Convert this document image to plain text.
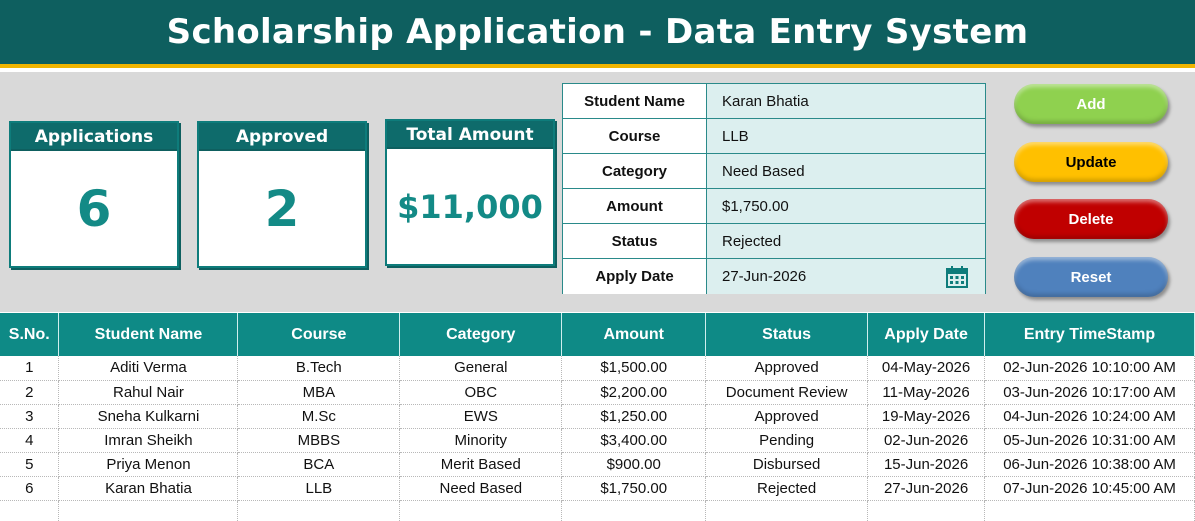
Scholarship Application - Data Entry System
Applications
6
Approved
2
Total Amount
$11,000
Student Name	Karan Bhatia
Course	LLB
Category	Need Based
Amount	$1,750.00
Status	Rejected
Apply Date	27-Jun-2026
Add
Update
Delete
Reset
S.No.	Student Name	Course	Category	Amount	Status	Apply Date	Entry TimeStamp
1	Aditi Verma	B.Tech	General	$1,500.00	Approved	04-May-2026	02-Jun-2026 10:10:00 AM
2	Rahul Nair	MBA	OBC	$2,200.00	Document Review	11-May-2026	03-Jun-2026 10:17:00 AM
3	Sneha Kulkarni	M.Sc	EWS	$1,250.00	Approved	19-May-2026	04-Jun-2026 10:24:00 AM
4	Imran Sheikh	MBBS	Minority	$3,400.00	Pending	02-Jun-2026	05-Jun-2026 10:31:00 AM
5	Priya Menon	BCA	Merit Based	$900.00	Disbursed	15-Jun-2026	06-Jun-2026 10:38:00 AM
6	Karan Bhatia	LLB	Need Based	$1,750.00	Rejected	27-Jun-2026	07-Jun-2026 10:45:00 AM
